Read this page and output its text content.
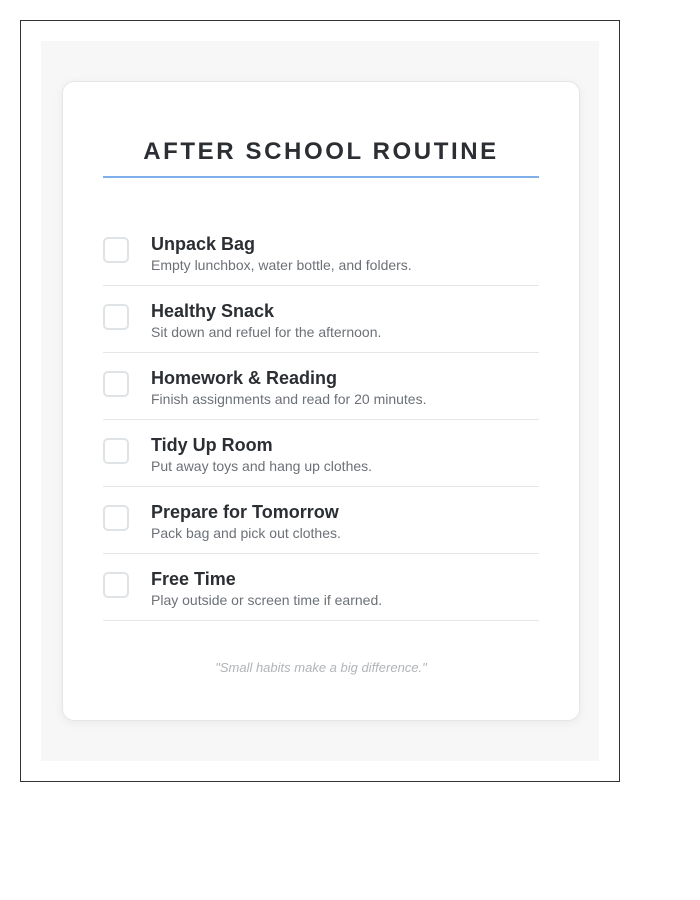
AFTER SCHOOL ROUTINE
Unpack Bag
Empty lunchbox, water bottle, and folders.
Healthy Snack
Sit down and refuel for the afternoon.
Homework & Reading
Finish assignments and read for 20 minutes.
Tidy Up Room
Put away toys and hang up clothes.
Prepare for Tomorrow
Pack bag and pick out clothes.
Free Time
Play outside or screen time if earned.
"Small habits make a big difference."
